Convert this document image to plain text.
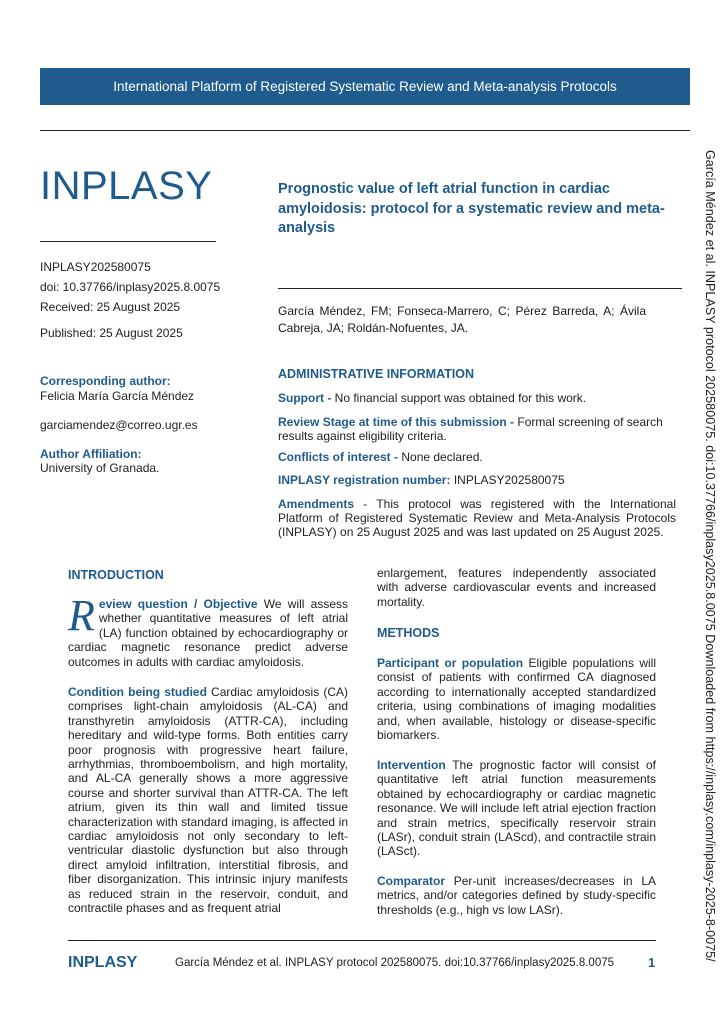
International Platform of Registered Systematic Review and Meta-analysis Protocols
INPLASY	Prognostic value of left atrial function in cardiac amyloidosis: protocol for a systematic review and meta-analysis
INPLASY202580075
doi: 10.37766/inplasy2025.8.0075
Received: 25 August 2025
Published: 25 August 2025
Corresponding author:
Felicia María García Méndez
garciamendez@correo.ugr.es
Author Affiliation:
University of Granada.
García Méndez, FM; Fonseca-Marrero, C; Pérez Barreda, A; Ávila Cabreja, JA; Roldán-Nofuentes, JA.
ADMINISTRATIVE INFORMATION
Support - No financial support was obtained for this work.
Review Stage at time of this submission - Formal screening of search results against eligibility criteria.
Conflicts of interest - None declared.
INPLASY registration number: INPLASY202580075
Amendments - This protocol was registered with the International Platform of Registered Systematic Review and Meta-Analysis Protocols (INPLASY) on 25 August 2025 and was last updated on 25 August 2025.
INTRODUCTION
Review question / Objective We will assess whether quantitative measures of left atrial (LA) function obtained by echocardiography or cardiac magnetic resonance predict adverse outcomes in adults with cardiac amyloidosis.
Condition being studied Cardiac amyloidosis (CA) comprises light-chain amyloidosis (AL-CA) and transthyretin amyloidosis (ATTR-CA), including hereditary and wild-type forms. Both entities carry poor prognosis with progressive heart failure, arrhythmias, thromboembolism, and high mortality, and AL-CA generally shows a more aggressive course and shorter survival than ATTR-CA. The left atrium, given its thin wall and limited tissue characterization with standard imaging, is affected in cardiac amyloidosis not only secondary to left-ventricular diastolic dysfunction but also through direct amyloid infiltration, interstitial fibrosis, and fiber disorganization. This intrinsic injury manifests as reduced strain in the reservoir, conduit, and contractile phases and as frequent atrial
enlargement, features independently associated with adverse cardiovascular events and increased mortality.
METHODS
Participant or population Eligible populations will consist of patients with confirmed CA diagnosed according to internationally accepted standardized criteria, using combinations of imaging modalities and, when available, histology or disease-specific biomarkers.
Intervention The prognostic factor will consist of quantitative left atrial function measurements obtained by echocardiography or cardiac magnetic resonance. We will include left atrial ejection fraction and strain metrics, specifically reservoir strain (LASr), conduit strain (LAScd), and contractile strain (LASct).
Comparator Per-unit increases/decreases in LA metrics, and/or categories defined by study-specific thresholds (e.g., high vs low LASr).	García Méndez et al. INPLASY protocol 202580075. doi:10.37766/inplasy2025.8.0075 Downloaded from https://inplasy.com/inplasy-2025-8-0075/
INPLASY	García Méndez et al. INPLASY protocol 202580075. doi:10.37766/inplasy2025.8.0075	1
